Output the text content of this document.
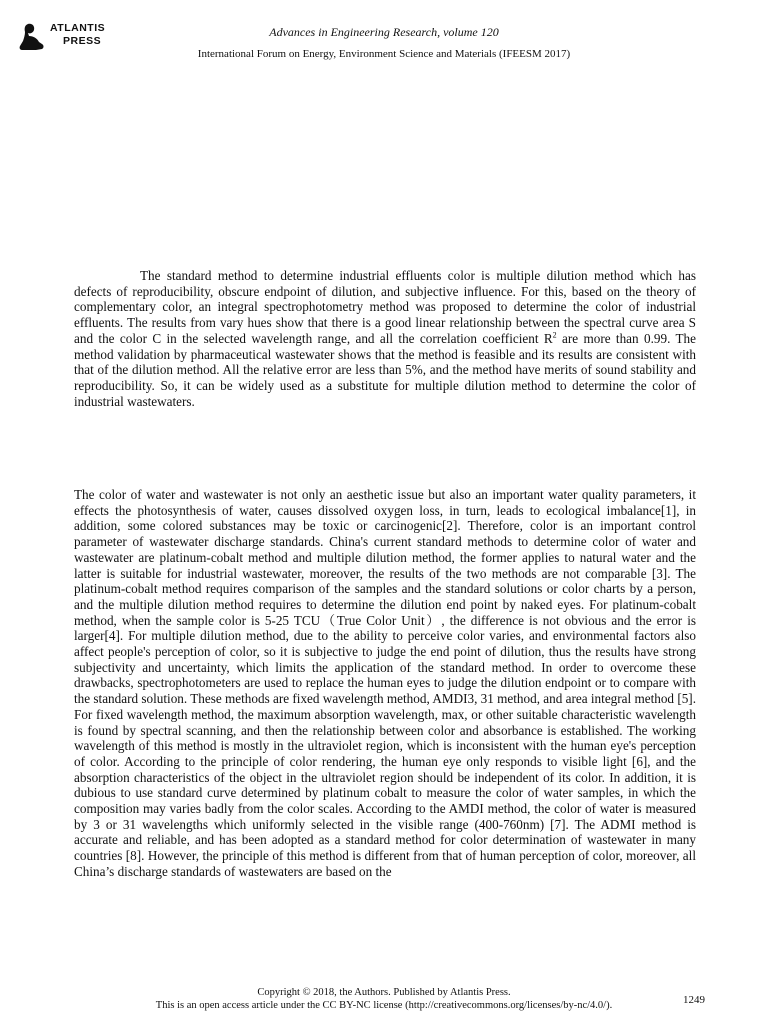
ATLANTIS
PRESS
Advances in Engineering Research, volume 120
International Forum on Energy, Environment Science and Materials (IFEESM 2017)

The standard method to determine industrial effluents color is multiple dilution method which has defects of reproducibility, obscure endpoint of dilution, and subjective influence. For this, based on the theory of complementary color, an integral spectrophotometry method was proposed to determine the color of industrial effluents. The results from vary hues show that there is a good linear relationship between the spectral curve area S and the color C in the selected wavelength range, and all the correlation coefficient $R^2$ are more than 0.99. The method validation by pharmaceutical wastewater shows that the method is feasible and its results are consistent with that of the dilution method. All the relative error are less than 5%, and the method have merits of sound stability and reproducibility. So, it can be widely used as a substitute for multiple dilution method to determine the color of industrial wastewaters.

The color of water and wastewater is not only an aesthetic issue but also an important water quality parameters, it effects the photosynthesis of water, causes dissolved oxygen loss, in turn, leads to ecological imbalance[1], in addition, some colored substances may be toxic or carcinogenic[2]. Therefore, color is an important control parameter of wastewater discharge standards. China's current standard methods to determine color of water and wastewater are platinum-cobalt method and multiple dilution method, the former applies to natural water and the latter is suitable for industrial wastewater, moreover, the results of the two methods are not comparable [3]. The platinum-cobalt method requires comparison of the samples and the standard solutions or color charts by a person, and the multiple dilution method requires to determine the dilution end point by naked eyes. For platinum-cobalt method, when the sample color is 5-25 TCU（True Color Unit）, the difference is not obvious and the error is larger[4]. For multiple dilution method, due to the ability to perceive color varies, and environmental factors also affect people's perception of color, so it is subjective to judge the end point of dilution, thus the results have strong subjectivity and uncertainty, which limits the application of the standard method. In order to overcome these drawbacks, spectrophotometers are used to replace the human eyes to judge the dilution endpoint or to compare with the standard solution. These methods are fixed wavelength method, AMDI3, 31 method, and area integral method [5]. For fixed wavelength method, the maximum absorption wavelength, max, or other suitable characteristic wavelength is found by spectral scanning, and then the relationship between color and absorbance is established. The working wavelength of this method is mostly in the ultraviolet region, which is inconsistent with the human eye's perception of color. According to the principle of color rendering, the human eye only responds to visible light [6], and the absorption characteristics of the object in the ultraviolet region should be independent of its color. In addition, it is dubious to use standard curve determined by platinum cobalt to measure the color of water samples, in which the composition may varies badly from the color scales. According to the AMDI method, the color of water is measured by 3 or 31 wavelengths which uniformly selected in the visible range (400-760nm) [7]. The ADMI method is accurate and reliable, and has been adopted as a standard method for color determination of wastewater in many countries [8]. However, the principle of this method is different from that of human perception of color, moreover, all China’s discharge standards of wastewaters are based on the

Copyright © 2018, the Authors. Published by Atlantis Press.
This is an open access article under the CC BY-NC license (http://creativecommons.org/licenses/by-nc/4.0/).	1249
